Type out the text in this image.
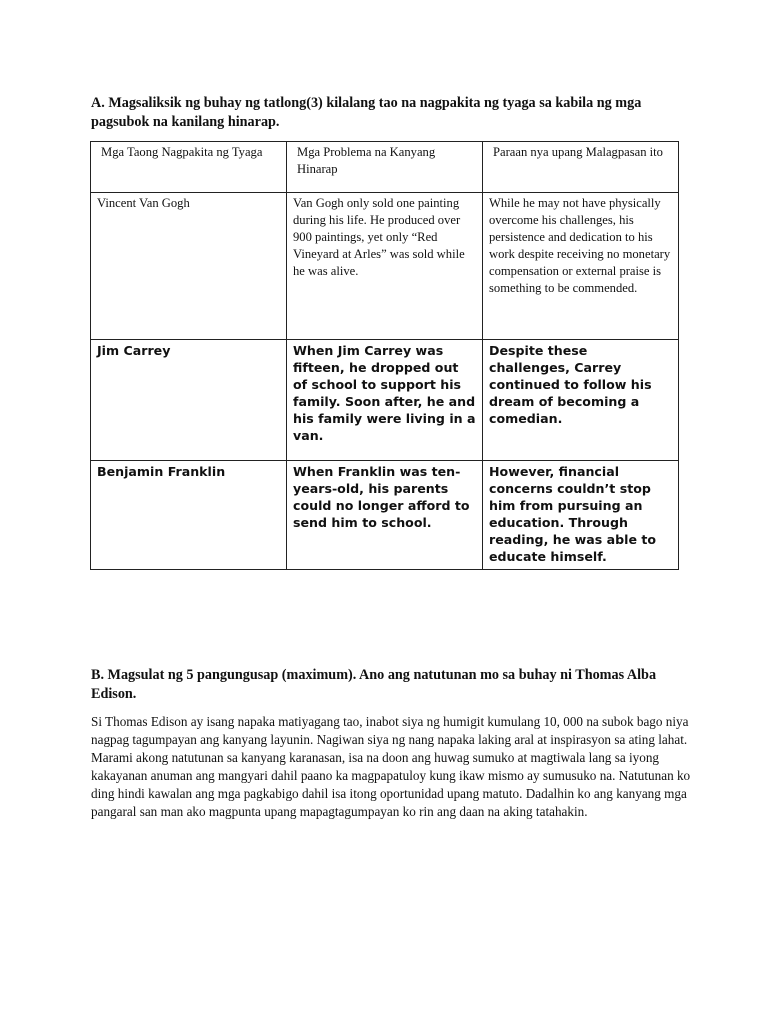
A. Magsaliksik ng buhay ng tatlong(3) kilalang tao na nagpakita ng tyaga sa kabila ng mga pagsubok na kanilang hinarap.

Mga Taong Nagpakita ng Tyaga	Mga Problema na Kanyang Hinarap	Paraan nya upang Malagpasan ito

Vincent Van Gogh	Van Gogh only sold one painting during his life. He produced over 900 paintings, yet only “Red Vineyard at Arles” was sold while he was alive.	While he may not have physically overcome his challenges, his persistence and dedication to his work despite receiving no monetary compensation or external praise is something to be commended.
Jim Carrey	When Jim Carrey was fifteen, he dropped out of school to support his family. Soon after, he and his family were living in a van.	Despite these challenges, Carrey continued to follow his dream of becoming a comedian.
Benjamin Franklin	When Franklin was ten-years-old, his parents could no longer afford to send him to school.	However, financial concerns couldn’t stop him from pursuing an education. Through reading, he was able to educate himself.

B. Magsulat ng 5 pangungusap (maximum). Ano ang natutunan mo sa buhay ni Thomas Alba Edison.

Si Thomas Edison ay isang napaka matiyagang tao, inabot siya ng humigit kumulang 10, 000 na subok bago niya nagpag tagumpayan ang kanyang layunin. Nagiwan siya ng nang napaka laking aral at inspirasyon sa ating lahat. Marami akong natutunan sa kanyang karanasan, isa na doon ang huwag sumuko at magtiwala lang sa iyong kakayanan anuman ang mangyari dahil paano ka magpapatuloy kung ikaw mismo ay sumusuko na. Natutunan ko ding hindi kawalan ang mga pagkabigo dahil isa itong oportunidad upang matuto. Dadalhin ko ang kanyang mga pangaral san man ako magpunta upang mapagtagumpayan ko rin ang daan na aking tatahakin.
